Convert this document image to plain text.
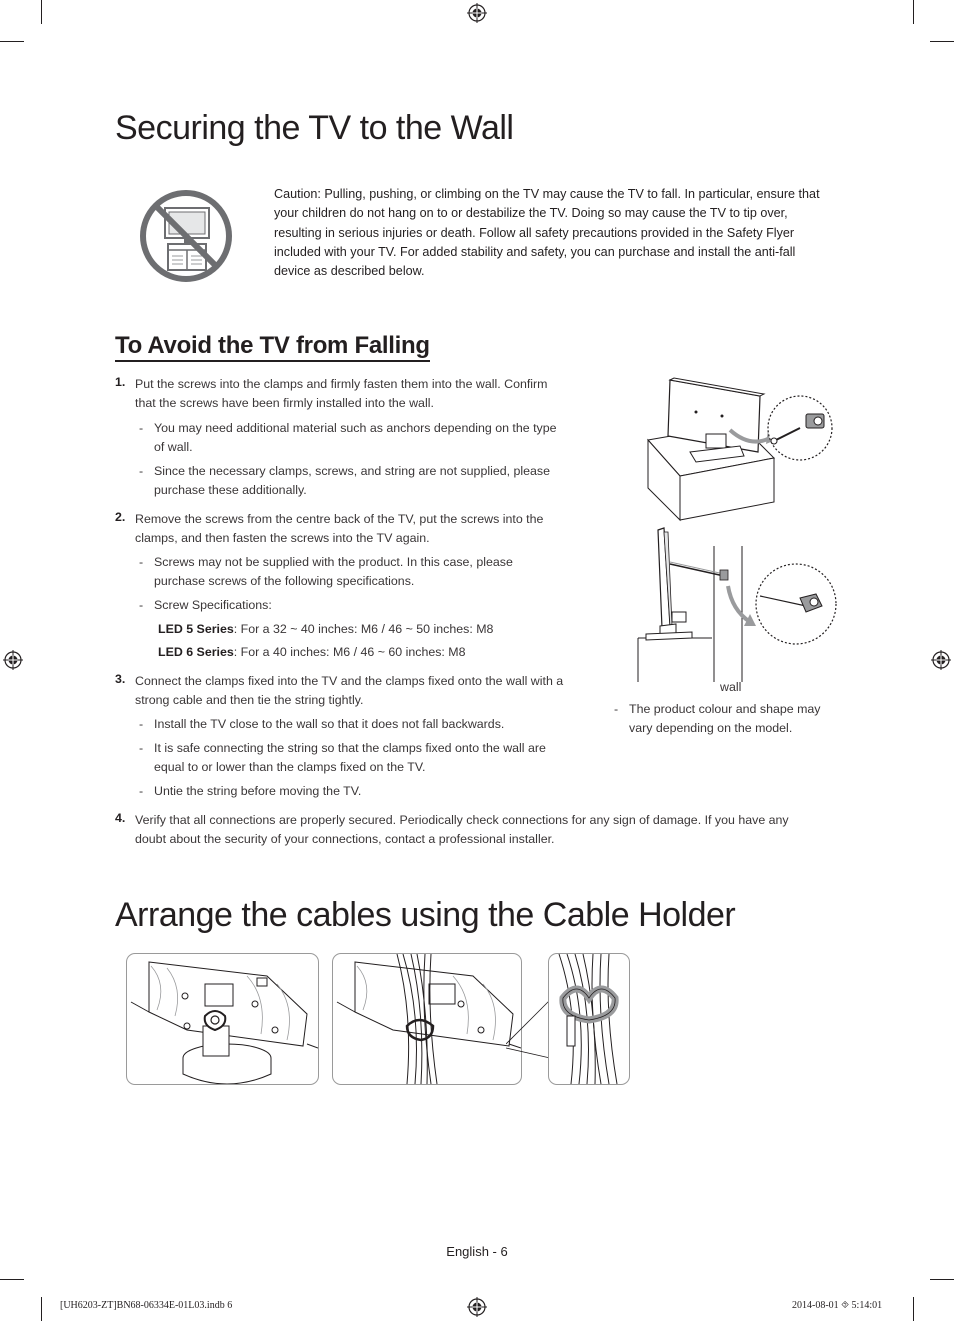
Securing the TV to the Wall
Caution: Pulling, pushing, or climbing on the TV may cause the TV to fall. In particular, ensure that your children do not hang on to or destabilize the TV. Doing so may cause the TV to tip over, resulting in serious injuries or death. Follow all safety precautions provided in the Safety Flyer included with your TV. For added stability and safety, you can purchase and install the anti-fall device as described below.
To Avoid the TV from Falling
1. Put the screws into the clamps and firmly fasten them into the wall. Confirm
that the screws have been firmly installed into the wall.
- You may need additional material such as anchors depending on the type
of wall.
- Since the necessary clamps, screws, and string are not supplied, please
purchase these additionally.
2. Remove the screws from the centre back of the TV, put the screws into the
clamps, and then fasten the screws into the TV again.
- Screws may not be supplied with the product. In this case, please
purchase screws of the following specifications.
- Screw Specifications:
LED 5 Series: For a 32 ~ 40 inches: M6 / 46 ~ 50 inches: M8
LED 6 Series: For a 40 inches: M6 / 46 ~ 60 inches: M8
3. Connect the clamps fixed into the TV and the clamps fixed onto the wall with a
strong cable and then tie the string tightly.
- Install the TV close to the wall so that it does not fall backwards.
- It is safe connecting the string so that the clamps fixed onto the wall are
equal to or lower than the clamps fixed on the TV.
- Untie the string before moving the TV.
4. Verify that all connections are properly secured. Periodically check connections for any sign of damage. If you have any
doubt about the security of your connections, contact a professional installer.
wall
- The product colour and shape may
vary depending on the model.
Arrange the cables using the Cable Holder
English - 6
[UH6203-ZT]BN68-06334E-01L03.indb 6	2014-08-01 ⯑ 5:14:01
